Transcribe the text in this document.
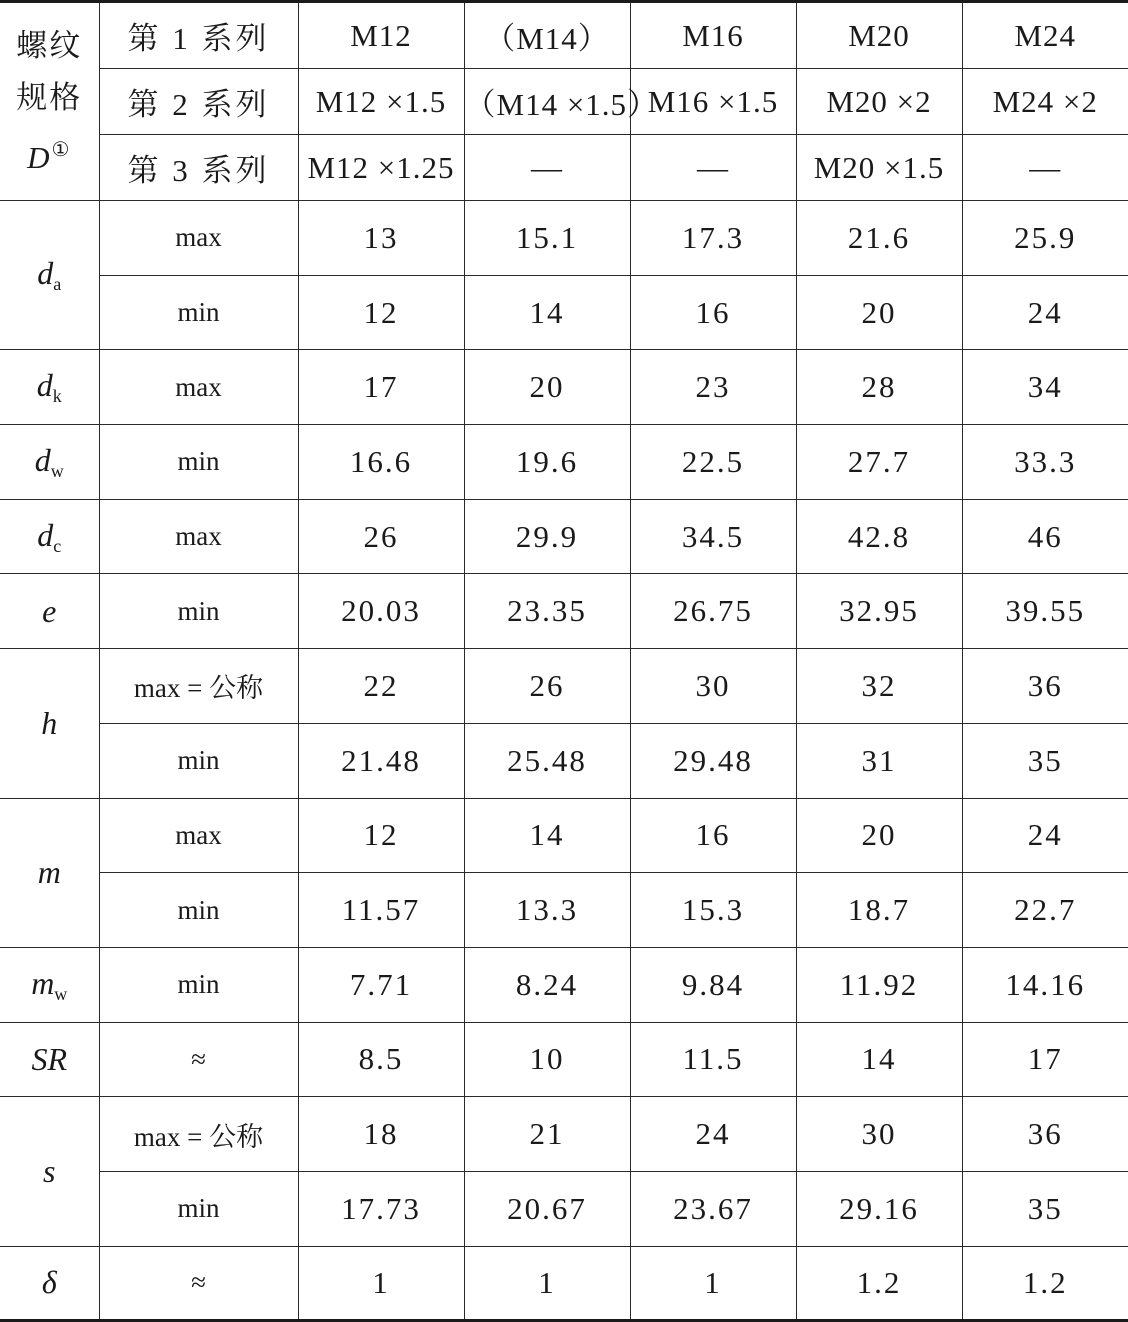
螺纹
规格
D①	第 1 系列	M12	（M14）	M16	M20	M24
	第 2 系列	M12 ×1.5	（M14 ×1.5）	M16 ×1.5	M20 ×2	M24 ×2
	第 3 系列	M12 ×1.25	—	—	M20 ×1.5	—
$d_a$	max	13	15.1	17.3	21.6	25.9
	min	12	14	16	20	24
$d_k$	max	17	20	23	28	34
$d_w$	min	16.6	19.6	22.5	27.7	33.3
$d_c$	max	26	29.9	34.5	42.8	46
e	min	20.03	23.35	26.75	32.95	39.55
h	max = 公称	22	26	30	32	36
	min	21.48	25.48	29.48	31	35
m	max	12	14	16	20	24
	min	11.57	13.3	15.3	18.7	22.7
$m_w$	min	7.71	8.24	9.84	11.92	14.16
SR	≈	8.5	10	11.5	14	17
s	max = 公称	18	21	24	30	36
	min	17.73	20.67	23.67	29.16	35
δ	≈	1	1	1	1.2	1.2
